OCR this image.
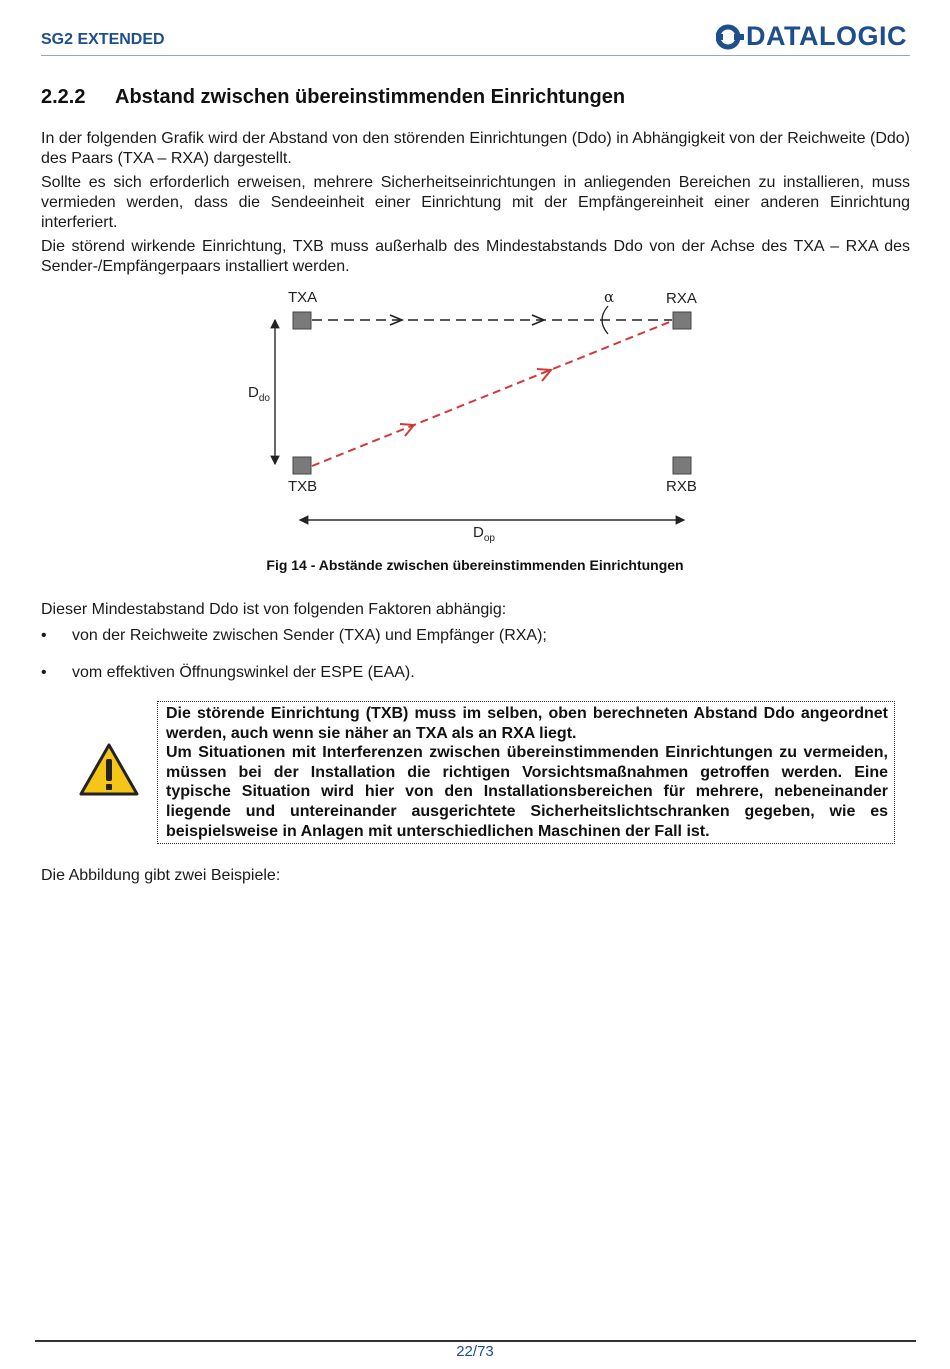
SG2 EXTENDED	DATALOGIC
2.2.2 Abstand zwischen übereinstimmenden Einrichtungen
In der folgenden Grafik wird der Abstand von den störenden Einrichtungen (Ddo) in Abhängigkeit von der Reichweite (Ddo) des Paars (TXA – RXA) dargestellt.
Sollte es sich erforderlich erweisen, mehrere Sicherheitseinrichtungen in anliegenden Bereichen zu installieren, muss vermieden werden, dass die Sendeeinheit einer Einrichtung mit der Empfängereinheit einer anderen Einrichtung interferiert.
Die störend wirkende Einrichtung, TXB muss außerhalb des Mindestabstands Ddo von der Achse des TXA – RXA des Sender-/Empfängerpaars installiert werden.
TXA	RXA
TXB	RXB
α
$D_{do}$
$D_{op}$
Fig 14 - Abstände zwischen übereinstimmenden Einrichtungen
Dieser Mindestabstand Ddo ist von folgenden Faktoren abhängig:
• von der Reichweite zwischen Sender (TXA) und Empfänger (RXA);
• vom effektiven Öffnungswinkel der ESPE (EAA).

Die störende Einrichtung (TXB) muss im selben, oben berechneten Abstand Ddo angeordnet werden, auch wenn sie näher an TXA als an RXA liegt.

Um Situationen mit Interferenzen zwischen übereinstimmenden Einrichtungen zu vermeiden, müssen bei der Installation die richtigen Vorsichtsmaßnahmen getroffen werden. Eine typische Situation wird hier von den Installationsbereichen für mehrere, nebeneinander liegende und untereinander ausgerichtete Sicherheitslichtschranken gegeben, wie es beispielsweise in Anlagen mit unterschiedlichen Maschinen der Fall ist.

Die Abbildung gibt zwei Beispiele:
22/73
